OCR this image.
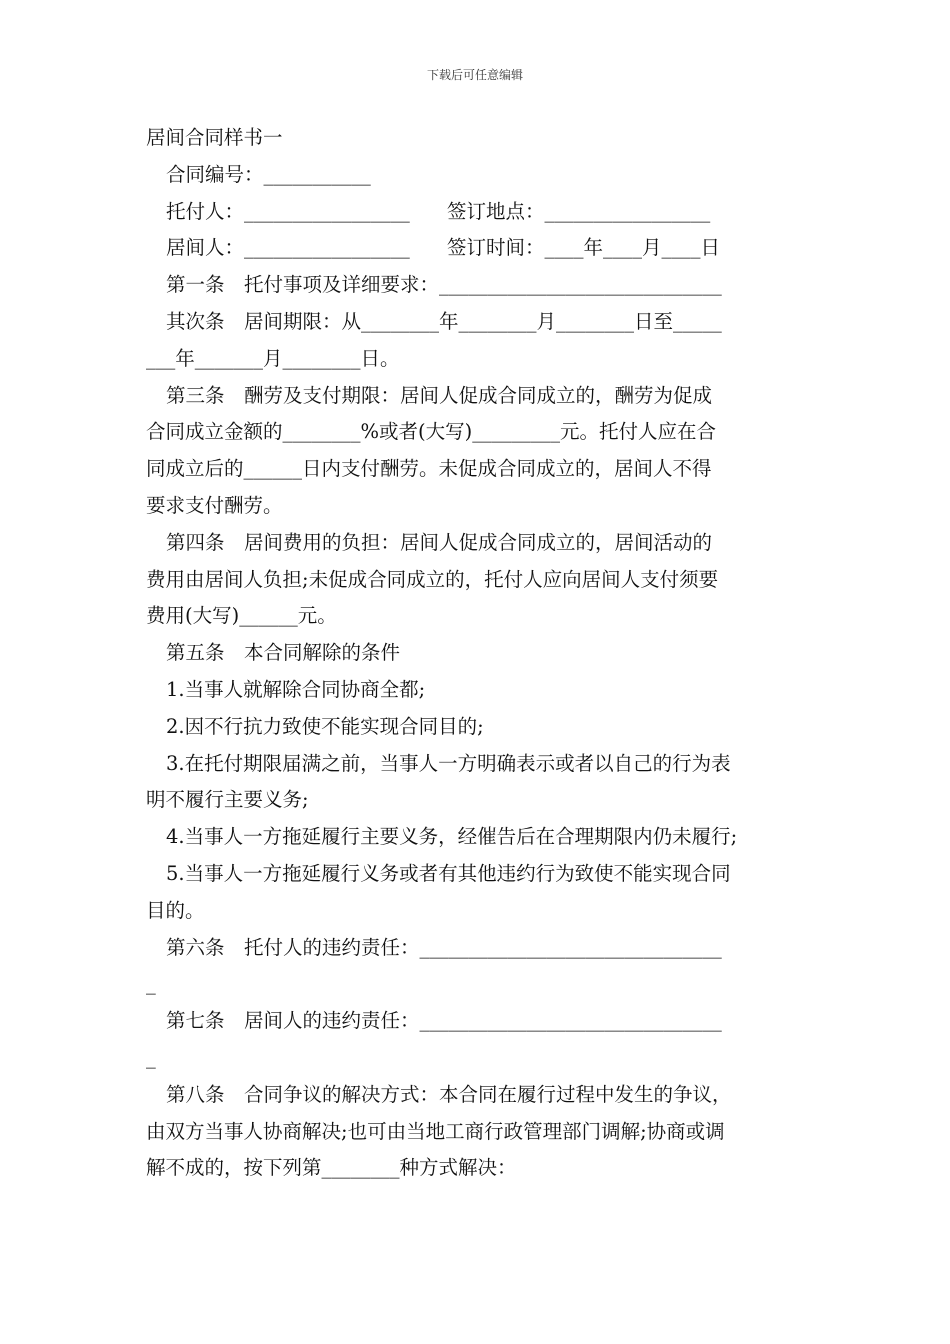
下载后可任意编辑
居间合同样书一
合同编号：___________
托付人：_________________      签订地点：_________________
居间人：_________________      签订时间：____年____月____日
第一条　托付事项及详细要求：_____________________________
其次条　居间期限：从________年________月________日至_____
___年_______月________日。
第三条　酬劳及支付期限：居间人促成合同成立的，酬劳为促成
合同成立金额的________%或者(大写)_________元。托付人应在合
同成立后的______日内支付酬劳。未促成合同成立的，居间人不得
要求支付酬劳。
第四条　居间费用的负担：居间人促成合同成立的，居间活动的
费用由居间人负担;未促成合同成立的，托付人应向居间人支付须要
费用(大写)______元。
第五条　本合同解除的条件
1.当事人就解除合同协商全都;
2.因不行抗力致使不能实现合同目的;
3.在托付期限届满之前，当事人一方明确表示或者以自己的行为表
明不履行主要义务;
4.当事人一方拖延履行主要义务，经催告后在合理期限内仍未履行;
5.当事人一方拖延履行义务或者有其他违约行为致使不能实现合同
目的。
第六条　托付人的违约责任：_______________________________
_
第七条　居间人的违约责任：_______________________________
_
第八条　合同争议的解决方式：本合同在履行过程中发生的争议，
由双方当事人协商解决;也可由当地工商行政管理部门调解;协商或调
解不成的，按下列第________种方式解决：
